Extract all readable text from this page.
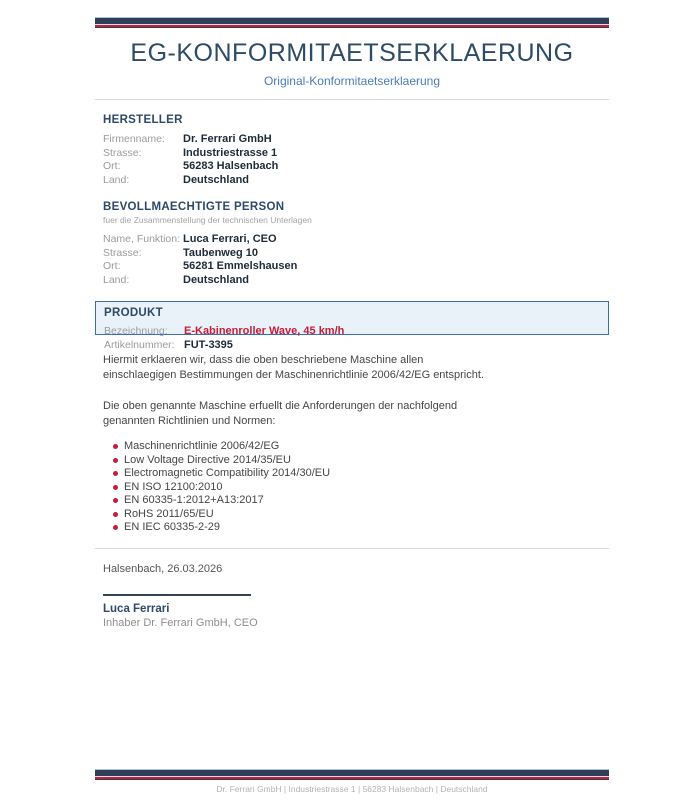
EG-KONFORMITAETSERKLAERUNG
Original-Konformitaetserklaerung
HERSTELLER
Firmenname:	Dr. Ferrari GmbH
Strasse:	Industriestrasse 1
Ort:	56283 Halsenbach
Land:	Deutschland
BEVOLLMAECHTIGTE PERSON
fuer die Zusammenstellung der technischen Unterlagen
Name, Funktion: Luca Ferrari, CEO
Strasse:	Taubenweg 10
Ort:	56281 Emmelshausen
Land:	Deutschland
PRODUKT
Bezeichnung:	E-Kabinenroller Wave, 45 km/h
Artikelnummer: FUT-3395
Hiermit erklaeren wir, dass die oben beschriebene Maschine allen
einschlaegigen Bestimmungen der Maschinenrichtlinie 2006/42/EG entspricht.
Die oben genannte Maschine erfuellt die Anforderungen der nachfolgend
genannten Richtlinien und Normen:
Maschinenrichtlinie 2006/42/EG
Low Voltage Directive 2014/35/EU
Electromagnetic Compatibility 2014/30/EU
EN ISO 12100:2010
EN 60335-1:2012+A13:2017
RoHS 2011/65/EU
EN IEC 60335-2-29
Halsenbach, 26.03.2026
Luca Ferrari
Inhaber Dr. Ferrari GmbH, CEO
Dr. Ferrari GmbH | Industriestrasse 1 | 56283 Halsenbach | Deutschland
